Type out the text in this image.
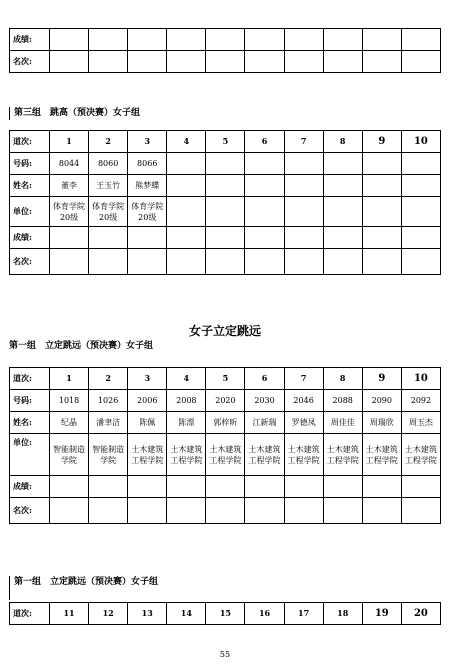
成绩:										
名次:										
第三组　跳高（预决赛）女子组
道次:	1	2	3	4	5	6	7	8	9	10
号码:	8044	8060	8066							
姓名:	董李	王玉竹	熊梦蝶							
单位:	体育学院20级	体育学院20级	体育学院20级							
成绩:										
名次:										
女子立定跳远
第一组　立定跳远（预决赛）女子组
道次:	1	2	3	4	5	6	7	8	9	10
号码:	1018	1026	2006	2008	2020	2030	2046	2088	2090	2092
姓名:	纪晶	潘聿洁	陈佩	陈漂	郭梓昕	江新瑞	罗德凤	周佳佳	周瑞欣	周玉杰
单位:	智能制造学院	智能制造学院	土木建筑工程学院	土木建筑工程学院	土木建筑工程学院	土木建筑工程学院	土木建筑工程学院	土木建筑工程学院	土木建筑工程学院	土木建筑工程学院
成绩:										
名次:										
第一组　立定跳远（预决赛）女子组
道次:	11	12	13	14	15	16	17	18	19	20
55
